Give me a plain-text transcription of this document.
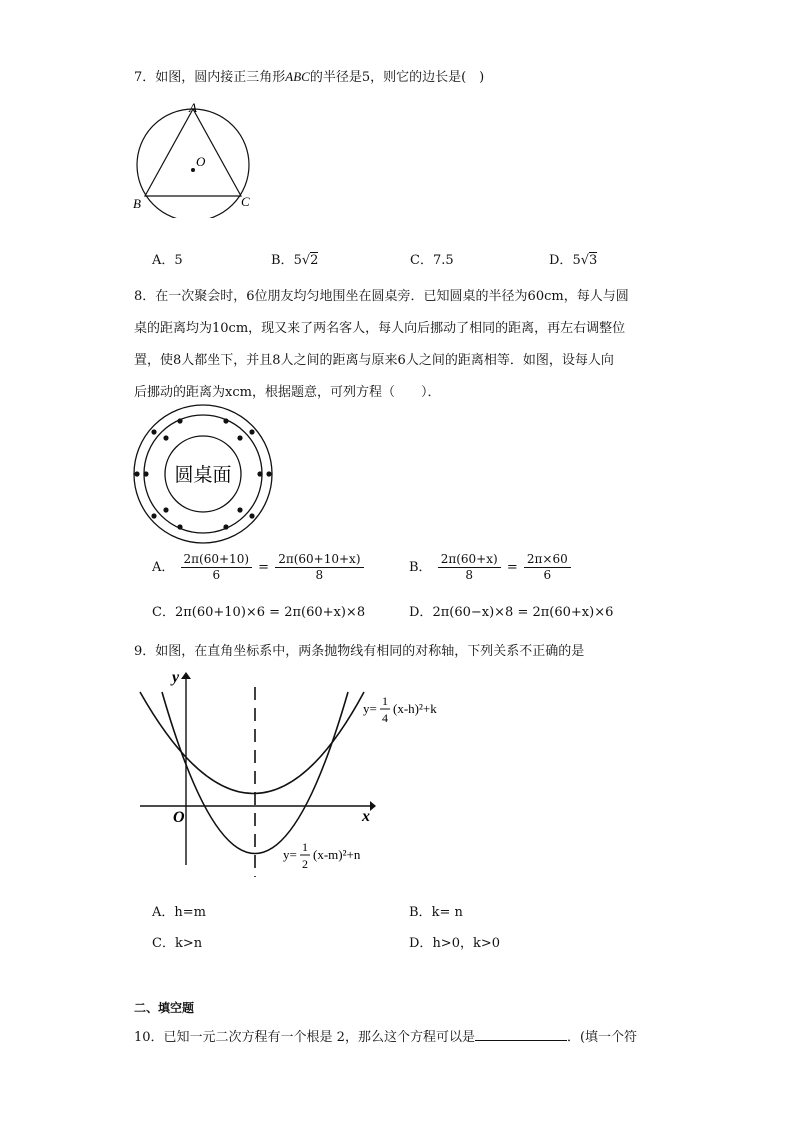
7．如图，圆内接正三角形ABC的半径是5，则它的边长是(　)
A
O
B	C
A．5	B．5√2	C．7.5	D．5√3
8．在一次聚会时，6位朋友均匀地围坐在圆桌旁．已知圆桌的半径为60cm，每人与圆
桌的距离均为10cm，现又来了两名客人，每人向后挪动了相同的距离，再左右调整位
置，使8人都坐下，并且8人之间的距离与原来6人之间的距离相等．如图，设每人向
后挪动的距离为xcm，根据题意，可列方程（　　）．
圆桌面
A． $\frac{2\pi(60+10)}{6} = \frac{2\pi(60+10+x)}{8}$	B． $\frac{2\pi(60+x)}{8} = \frac{2\pi\times 60}{6}$
C．2π(60+10)×6 = 2π(60+x)×8	D．2π(60−x)×8 = 2π(60+x)×6
9．如图，在直角坐标系中，两条抛物线有相同的对称轴，下列关系不正确的是
y
x
O
y= 1
4
(x-h)²+k
y= 1
2
(x-m)²+n
A．h=m	B．k= n
C．k>n	D．h>0，k>0
二、填空题
10．已知一元二次方程有一个根是 2，那么这个方程可以是	．(填一个符
